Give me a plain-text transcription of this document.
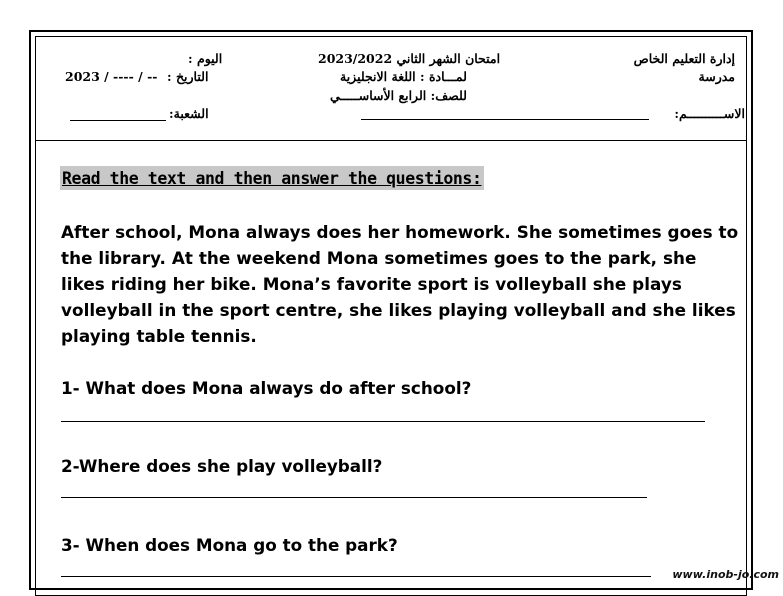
إدارة التعليم الخاص
مدرسة
الاســــــــــم:
امتحان الشهر الثاني 2023/2022
لمـــادة : اللغة الانجليزية
للصف: الرابع الأساســـــي
اليوم :
التاريخ :
2023 / ---- / --
الشعبة:
Read the text and then answer the questions:

After school, Mona always does her homework. She sometimes goes to the library. At the weekend Mona sometimes goes to the park, she likes riding her bike. Mona’s favorite sport is volleyball she plays volleyball in the sport centre, she likes playing volleyball and she likes playing table tennis.

1- What does Mona always do after school?
2-Where does she play volleyball?
3- When does Mona go to the park?
www.inob-jo.com
